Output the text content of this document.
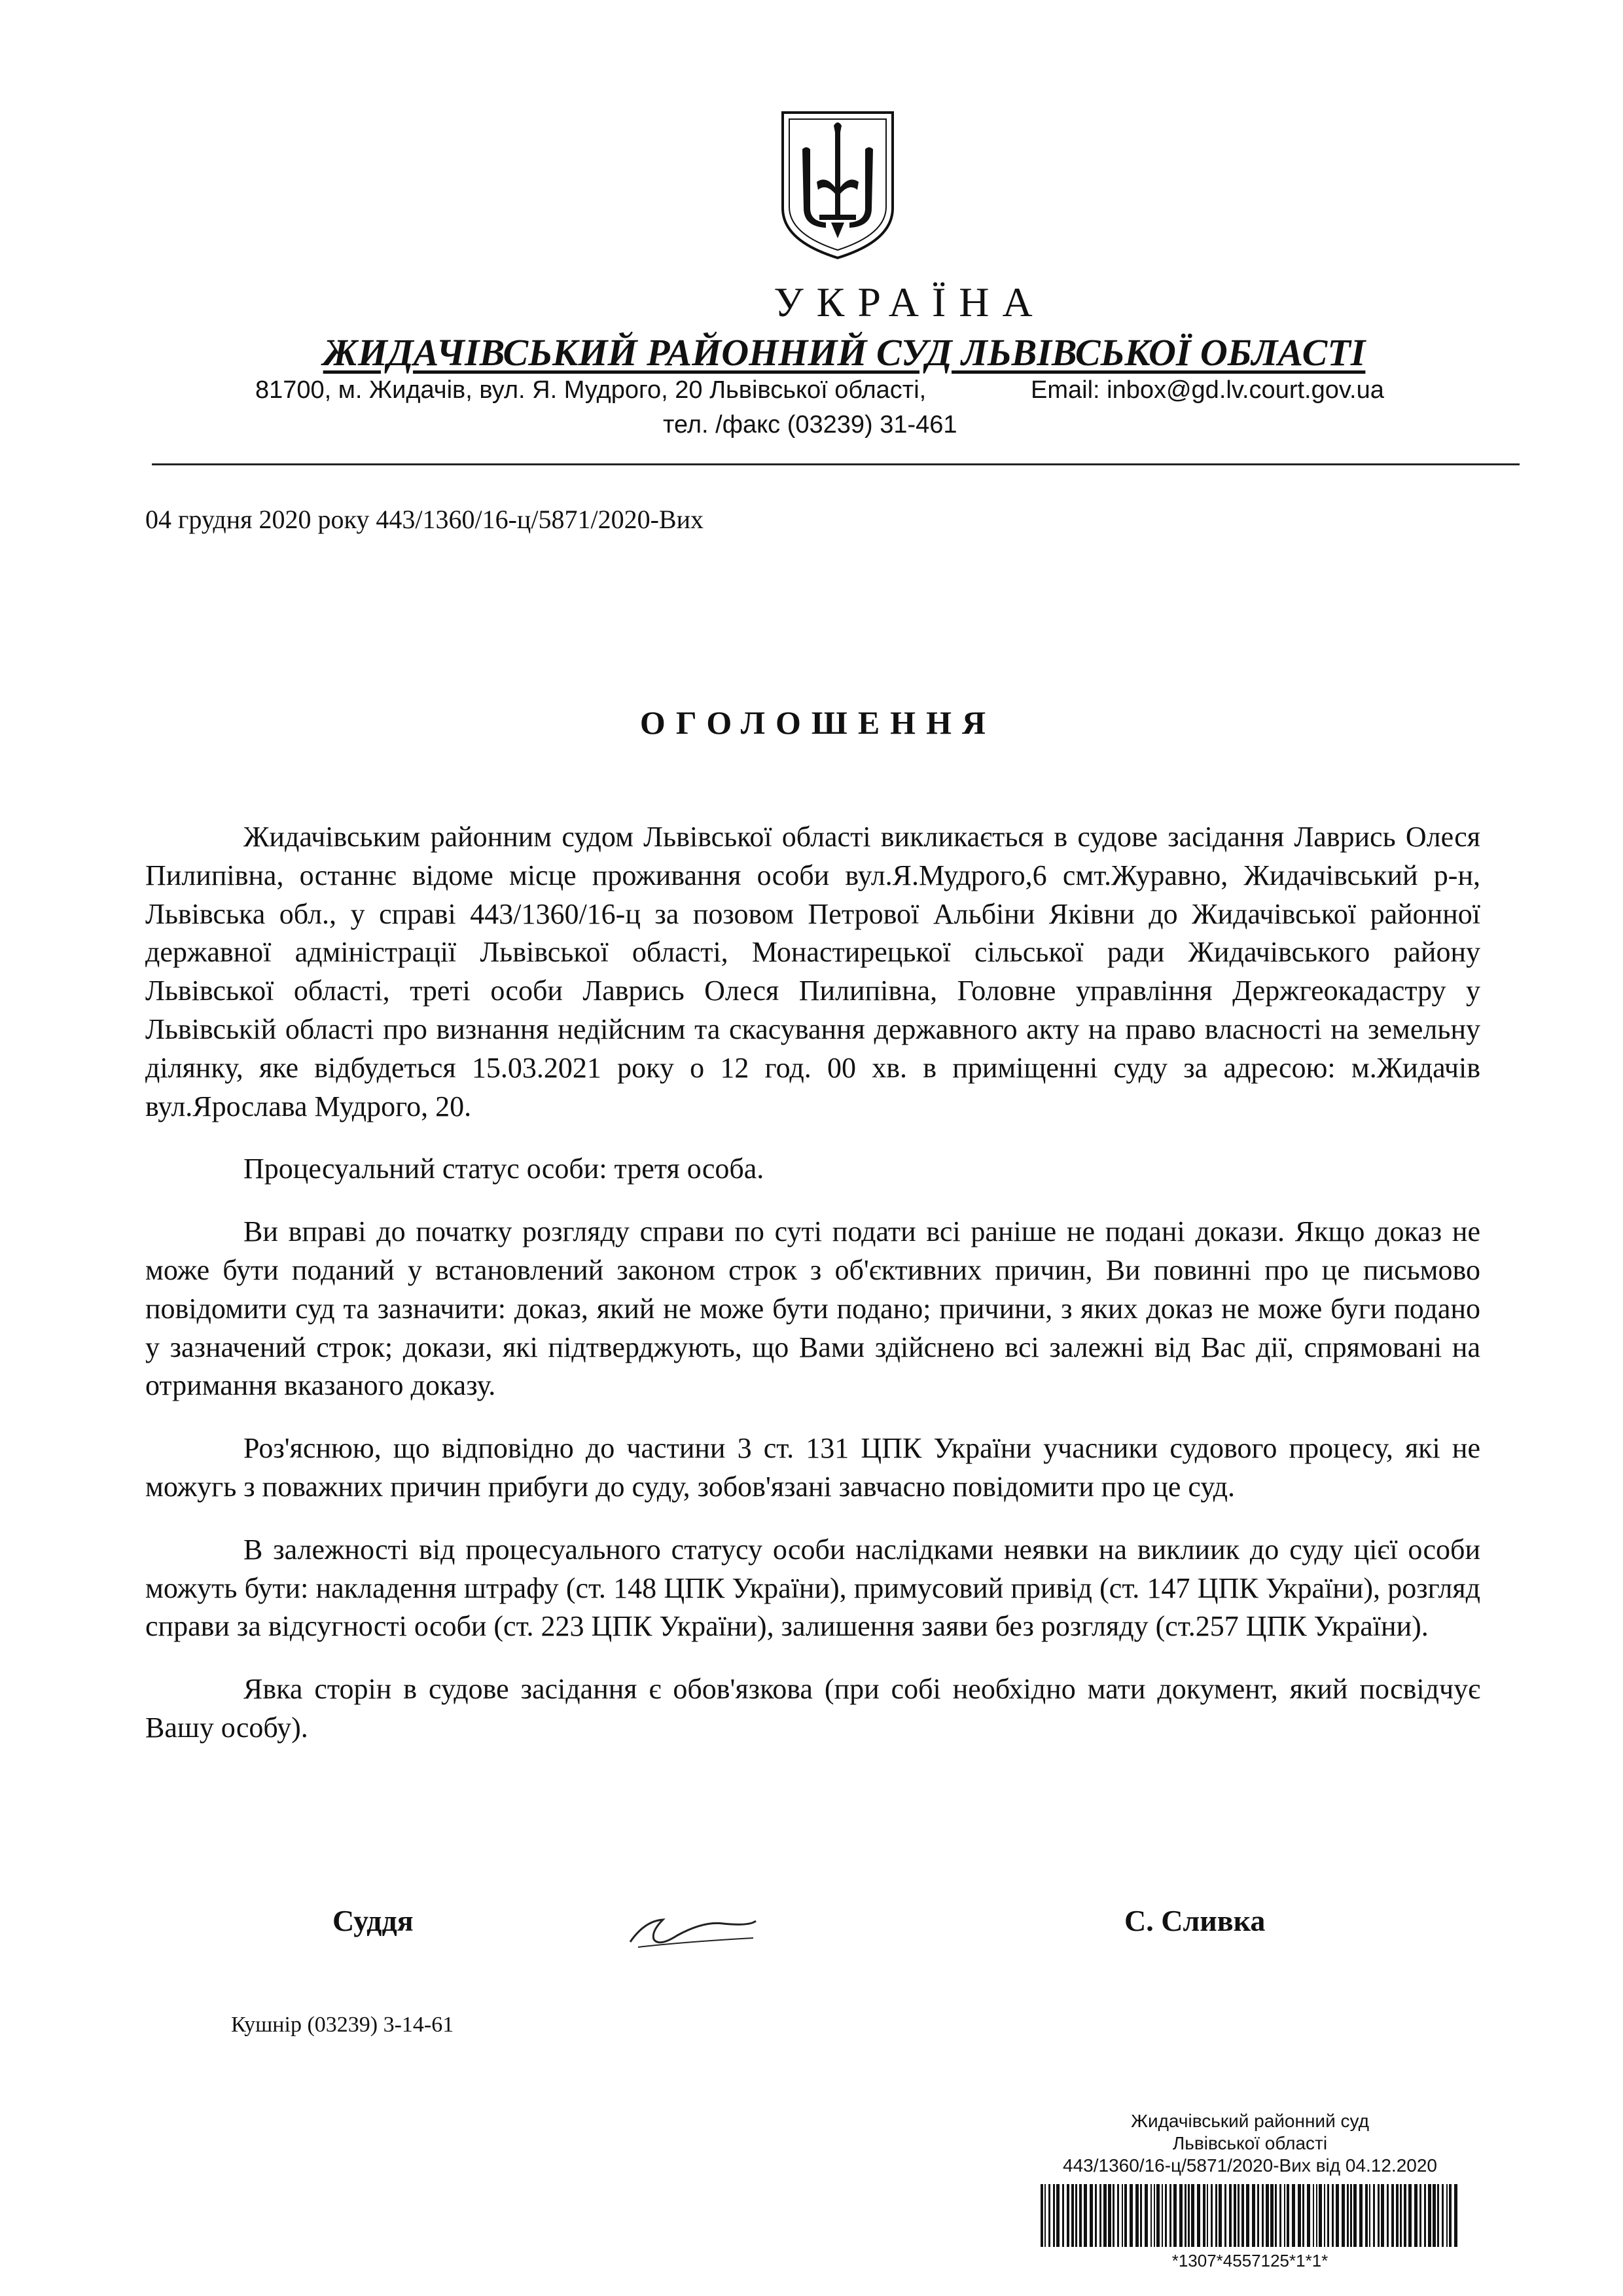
УКРАЇНА
ЖИДАЧІВСЬКИЙ РАЙОННИЙ СУД ЛЬВІВСЬКОЇ ОБЛАСТІ
81700, м. Жидачів, вул. Я. Мудрого, 20 Львівської області,	Email: inbox@gd.lv.court.gov.ua
тел. /факс (03239) 31-461
04 грудня 2020 року 443/1360/16-ц/5871/2020-Вих
ОГОЛОШЕННЯ

Жидачівським районним судом Львівської області викликається в судове засідання Лаврись Олеся Пилипівна, останнє відоме місце проживання особи вул.Я.Мудрого,6 смт.Журавно, Жидачівський р-н, Львівська обл., у справі 443/1360/16-ц за позовом Петрової Альбіни Яківни до Жидачівської районної державної адміністрації Львівської області, Монастирецької сільської ради Жидачівського району Львівської області, треті особи Лаврись Олеся Пилипівна, Головне управління Держгеокадастру у Львівській області про визнання недійсним та скасування державного акту на право власності на земельну ділянку, яке відбудеться 15.03.2021 року о 12 год. 00 хв. в приміщенні суду за адресою: м.Жидачів вул.Ярослава Мудрого, 20.

Процесуальний статус особи: третя особа.

Ви вправі до початку розгляду справи по суті подати всі раніше не подані докази. Якщо доказ не може бути поданий у встановлений законом строк з об'єктивних причин, Ви повинні про це письмово повідомити суд та зазначити: доказ, який не може бути подано; причини, з яких доказ не може буги подано у зазначений строк; докази, які підтверджують, що Вами здійснено всі залежні від Вас дії, спрямовані на отримання вказаного доказу.

Роз'яснюю, що відповідно до частини 3 ст. 131 ЦПК України учасники судового процесу, які не можугь з поважних причин прибуги до суду, зобов'язані завчасно повідомити про це суд.

В залежності від процесуального статусу особи наслідками неявки на виклиик до суду цієї особи можуть бути: накладення штрафу (ст. 148 ЦПК України), примусовий привід (ст. 147 ЦПК України), розгляд справи за відсугності особи (ст. 223 ЦПК України), залишення заяви без розгляду (ст.257 ЦПК України).

Явка сторін в судове засідання є обов'язкова (при собі необхідно мати документ, який посвідчує Вашу особу).

Суддя	С. Сливка
Кушнір (03239) 3-14-61
Жидачівський районний суд
Львівської області
443/1360/16-ц/5871/2020-Вих від 04.12.2020
*1307*4557125*1*1*
